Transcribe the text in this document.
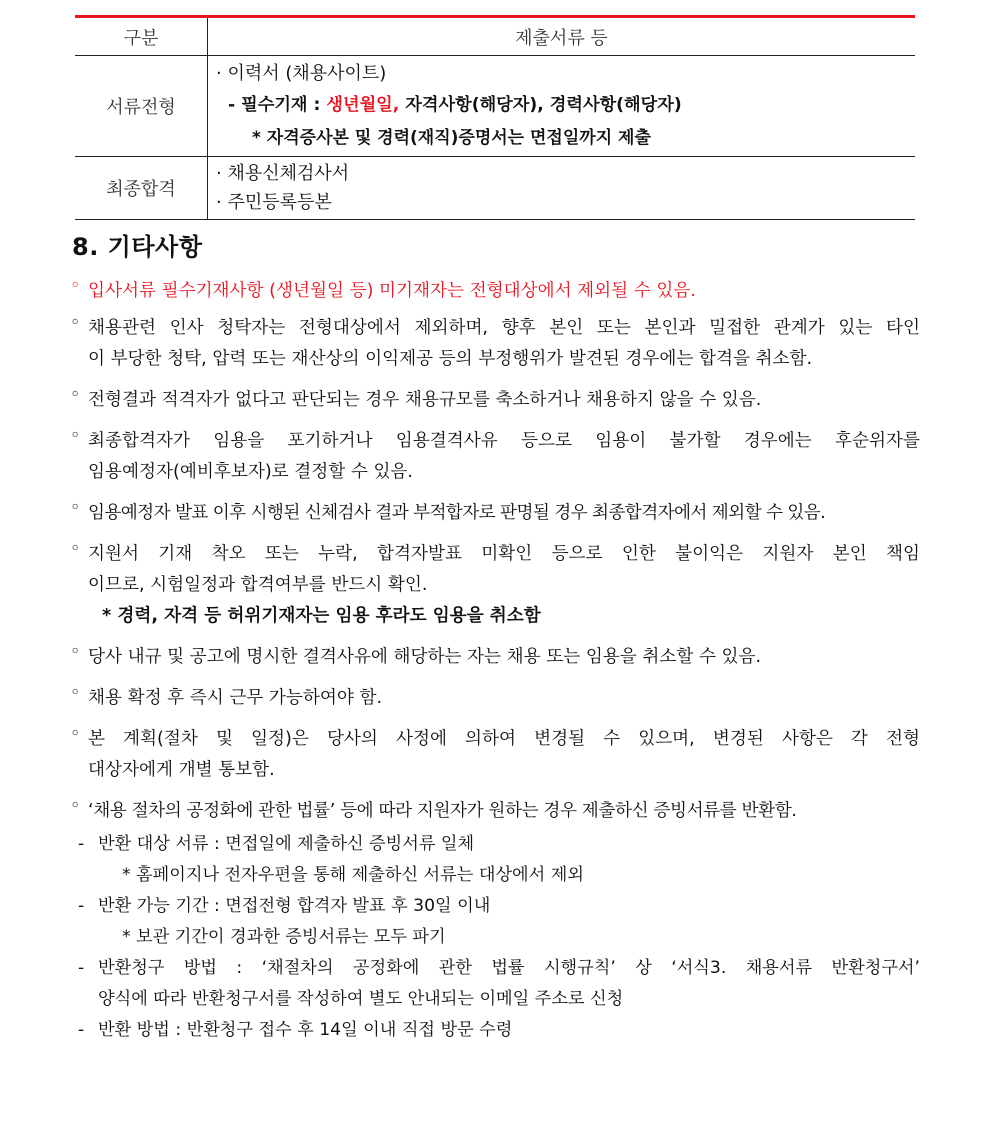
구분	제출서류 등
서류전형	· 이력서 (채용사이트)
- 필수기재 : 생년월일, 자격사항(해당자), 경력사항(해당자)
* 자격증사본 및 경력(재직)증명서는 면접일까지 제출

최종합격	· 채용신체검사서
· 주민등록등본
8. 기타사항
◦ 입사서류 필수기재사항 (생년월일 등) 미기재자는 전형대상에서 제외될 수 있음.
◦ 채용관련 인사 청탁자는 전형대상에서 제외하며, 향후 본인 또는 본인과 밀접한 관계가 있는 타인
이 부당한 청탁, 압력 또는 재산상의 이익제공 등의 부정행위가 발견된 경우에는 합격을 취소함.
◦ 전형결과 적격자가 없다고 판단되는 경우 채용규모를 축소하거나 채용하지 않을 수 있음.
◦ 최종합격자가 임용을 포기하거나 임용결격사유 등으로 임용이 불가할 경우에는 후순위자를
임용예정자(예비후보자)로 결정할 수 있음.
◦ 임용예정자 발표 이후 시행된 신체검사 결과 부적합자로 판명될 경우 최종합격자에서 제외할 수 있음.
◦ 지원서 기재 착오 또는 누락, 합격자발표 미확인 등으로 인한 불이익은 지원자 본인 책임
이므로, 시험일정과 합격여부를 반드시 확인.
* 경력, 자격 등 허위기재자는 임용 후라도 임용을 취소함
◦ 당사 내규 및 공고에 명시한 결격사유에 해당하는 자는 채용 또는 임용을 취소할 수 있음.
◦ 채용 확정 후 즉시 근무 가능하여야 함.
◦ 본 계획(절차 및 일정)은 당사의 사정에 의하여 변경될 수 있으며, 변경된 사항은 각 전형
대상자에게 개별 통보함.
◦ ‘채용 절차의 공정화에 관한 법률’ 등에 따라 지원자가 원하는 경우 제출하신 증빙서류를 반환함.
- 반환 대상 서류 : 면접일에 제출하신 증빙서류 일체
* 홈페이지나 전자우편을 통해 제출하신 서류는 대상에서 제외
- 반환 가능 기간 : 면접전형 합격자 발표 후 30일 이내
* 보관 기간이 경과한 증빙서류는 모두 파기
- 반환청구 방법 : ‘채절차의 공정화에 관한 법률 시행규칙’ 상 ‘서식3. 채용서류 반환청구서’
양식에 따라 반환청구서를 작성하여 별도 안내되는 이메일 주소로 신청
- 반환 방법 : 반환청구 접수 후 14일 이내 직접 방문 수령
